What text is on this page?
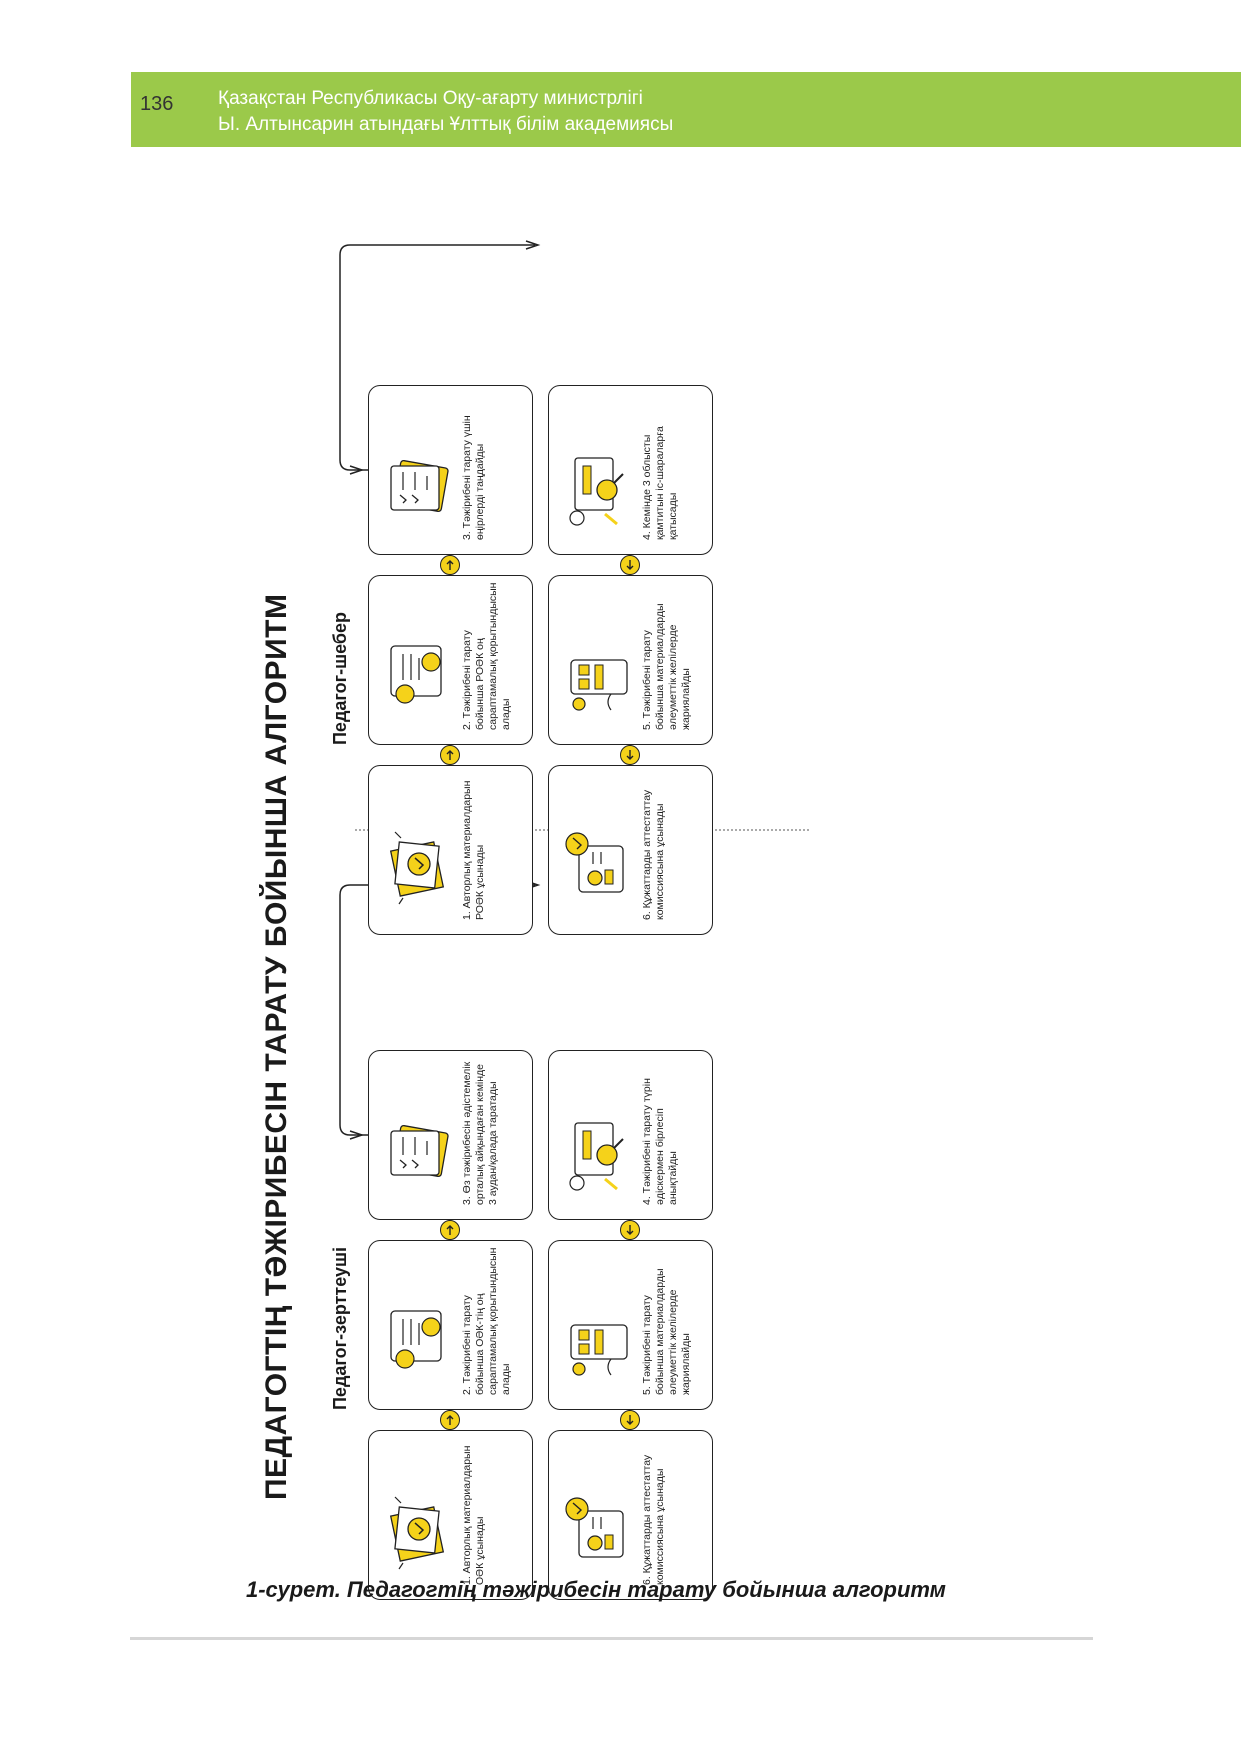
136 Қазақстан Республикасы Оқу-ағарту министрлігі
Ы. Алтынсарин атындағы Ұлттық білім академиясы
ПЕДАГОГТІҢ ТӘЖІРИБЕСІН ТАРАТУ БОЙЫНША АЛГОРИТМ Педагог-зерттеуші
Педагог-шебер
1. Авторлық материалдарын ОӘК ұсынады
2. Тәжірибені тарату бойынша ОӘК-тің оң сараптамалық қорытындысын алады
3. Өз тәжірибесін әдістемелік орталық айқындаған кемінде 3 аудан/қалада таратады
6. Құжаттарды аттестаттау комиссиясына ұсынады
5. Тәжірибені тарату бойынша материалдарды әлеуметтік желілерде жариялайды
4. Тәжірибені тарату түрін әдіскермен бірлесіп анықтайды
1. Авторлық материалдарын РОӘК ұсынады
2. Тәжірибені тарату бойынша РОӘК оң сараптамалық қорытындысын алады
3. Тәжірибені тарату үшін өңірлерді таңдайды
6. Құжаттарды аттестаттау комиссиясына ұсынады
5. Тәжірибені тарату бойынша материалдарды әлеуметтік желілерде жариялайды
4. Кемінде 3 облысты қамтитын іс-шараларға қатысады
1-сурет. Педагогтің тәжірибесін тарату бойынша алгоритм
